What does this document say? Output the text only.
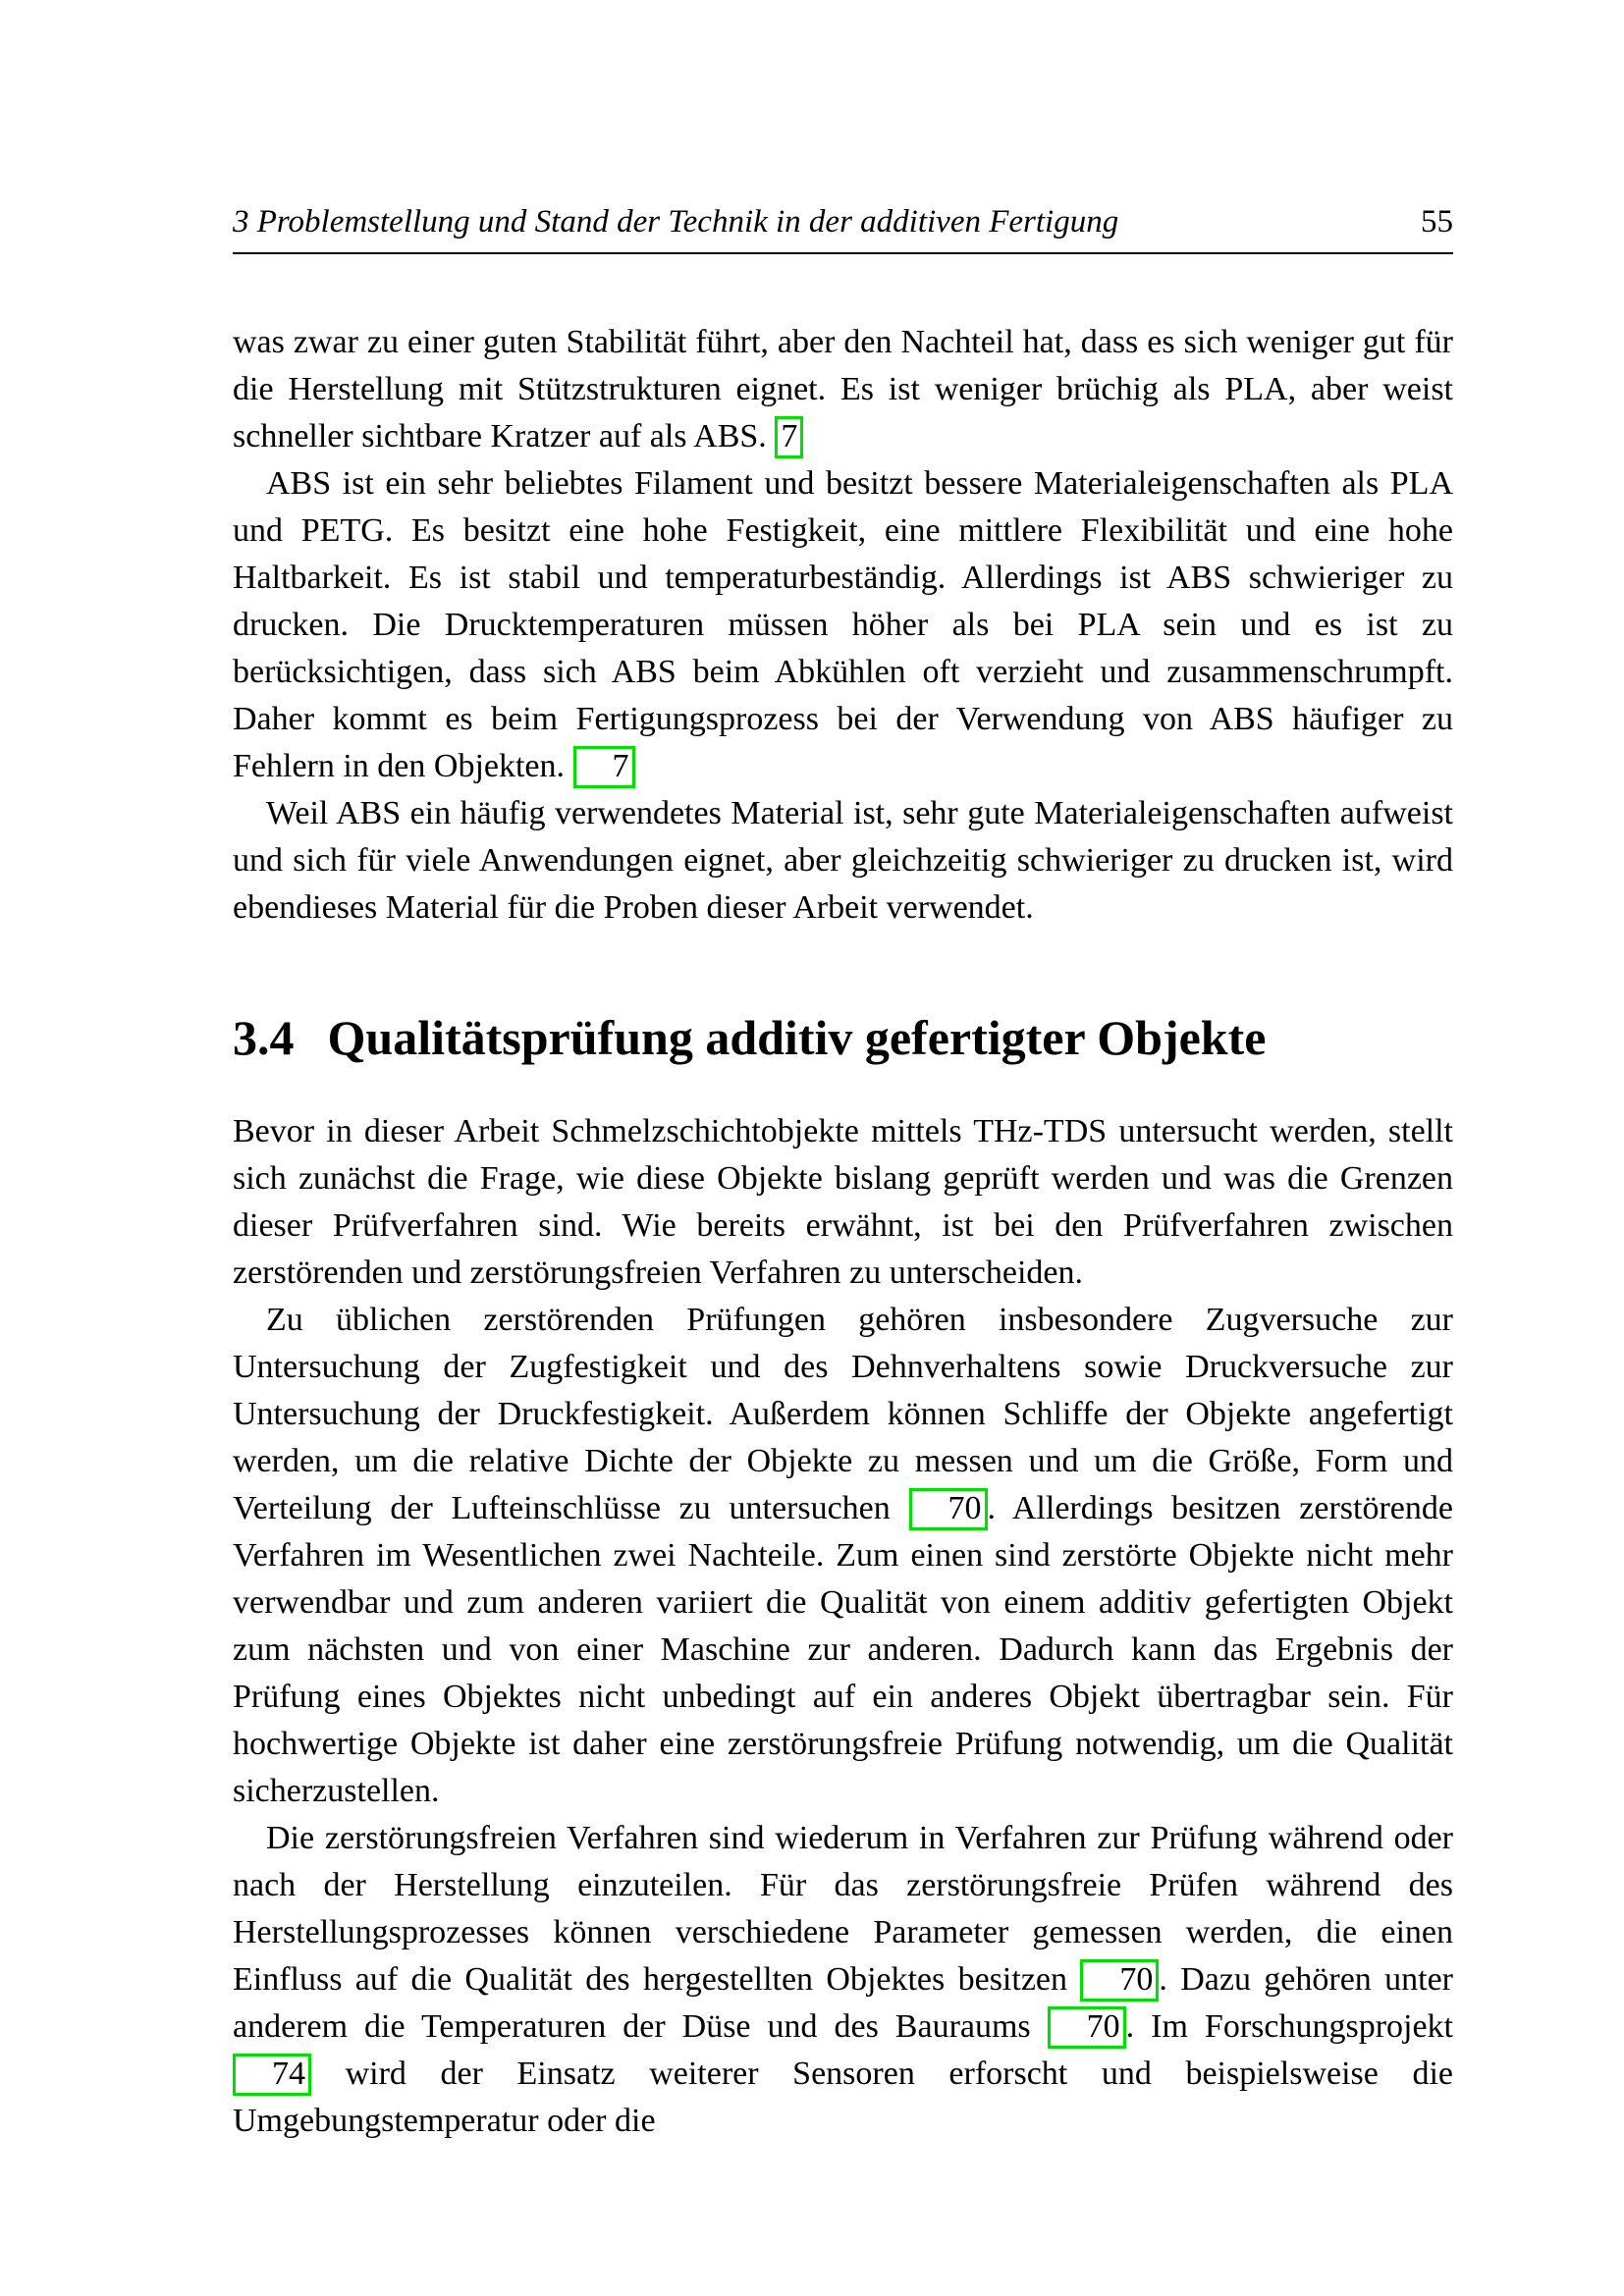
3 Problemstellung und Stand der Technik in der additiven Fertigung	55

was zwar zu einer guten Stabilität führt, aber den Nachteil hat, dass es sich weniger gut für die Herstellung mit Stützstrukturen eignet. Es ist weniger brüchig als PLA, aber weist schneller sichtbare Kratzer auf als ABS. 7

ABS ist ein sehr beliebtes Filament und besitzt bessere Materialeigenschaften als PLA und PETG. Es besitzt eine hohe Festigkeit, eine mittlere Flexibilität und eine hohe Haltbarkeit. Es ist stabil und temperaturbeständig. Allerdings ist ABS schwieriger zu drucken. Die Drucktemperaturen müssen höher als bei PLA sein und es ist zu berücksichtigen, dass sich ABS beim Abkühlen oft verzieht und zusammenschrumpft. Daher kommt es beim Fertigungsprozess bei der Verwendung von ABS häufiger zu Fehlern in den Objekten. 7

Weil ABS ein häufig verwendetes Material ist, sehr gute Materialeigenschaften aufweist und sich für viele Anwendungen eignet, aber gleichzeitig schwieriger zu drucken ist, wird ebendieses Material für die Proben dieser Arbeit verwendet.

3.4 Qualitätsprüfung additiv gefertigter Objekte

Bevor in dieser Arbeit Schmelzschichtobjekte mittels THz-TDS untersucht werden, stellt sich zunächst die Frage, wie diese Objekte bislang geprüft werden und was die Grenzen dieser Prüfverfahren sind. Wie bereits erwähnt, ist bei den Prüfverfahren zwischen zerstörenden und zerstörungsfreien Verfahren zu unterscheiden.

Zu üblichen zerstörenden Prüfungen gehören insbesondere Zugversuche zur Untersuchung der Zugfestigkeit und des Dehnverhaltens sowie Druckversuche zur Untersuchung der Druckfestigkeit. Außerdem können Schliffe der Objekte angefertigt werden, um die relative Dichte der Objekte zu messen und um die Größe, Form und Verteilung der Lufteinschlüsse zu untersuchen 70 . Allerdings besitzen zerstörende Verfahren im Wesentlichen zwei Nachteile. Zum einen sind zerstörte Objekte nicht mehr verwendbar und zum anderen variiert die Qualität von einem additiv gefertigten Objekt zum nächsten und von einer Maschine zur anderen. Dadurch kann das Ergebnis der Prüfung eines Objektes nicht unbedingt auf ein anderes Objekt übertragbar sein. Für hochwertige Objekte ist daher eine zerstörungsfreie Prüfung notwendig, um die Qualität sicherzustellen.

Die zerstörungsfreien Verfahren sind wiederum in Verfahren zur Prüfung während oder nach der Herstellung einzuteilen. Für das zerstörungsfreie Prüfen während des Herstellungsprozesses können verschiedene Parameter gemessen werden, die einen Einfluss auf die Qualität des hergestellten Objektes besitzen 70 . Dazu gehören unter anderem die Temperaturen der Düse und des Bauraums 70 . Im Forschungsprojekt 74 wird der Einsatz weiterer Sensoren erforscht und beispielsweise die Umgebungstemperatur oder die
